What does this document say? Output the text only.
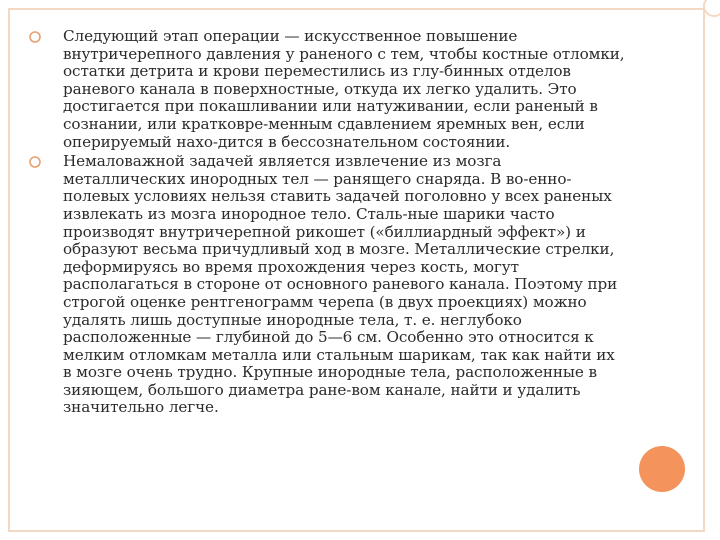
Следующий этап операции — искусственное повышение внутричерепного давления у раненого с тем, чтобы костные отломки, остатки детрита и крови переместились из глу-бинных отделов раневого канала в поверхностные, откуда их легко удалить. Это достигается при покашливании или натуживании, если раненый в сознании, или кратковре-менным сдавлением яремных вен, если оперируемый нахо-дится в бессознательном состоянии.
Немаловажной задачей является извлечение из мозга металлических инородных тел — ранящего снаряда. В во-енно-полевых условиях нельзя ставить задачей поголовно у всех раненых извлекать из мозга инородное тело. Сталь-ные шарики часто производят внутричерепной рикошет («биллиардный эффект») и образуют весьма причудливый ход в мозге. Металлические стрелки, деформируясь во время прохождения через кость, могут располагаться в стороне от основного раневого канала. Поэтому при строгой оценке рентгенограмм черепа (в двух проекциях) можно удалять лишь доступные инородные тела, т. е. неглубоко расположенные — глубиной до 5—6 см. Особенно это относится к мелким отломкам металла или стальным шарикам, так как найти их в мозге очень трудно. Крупные инородные тела, расположенные в зияющем, большого диаметра ране-вом канале, найти и удалить значительно легче.
